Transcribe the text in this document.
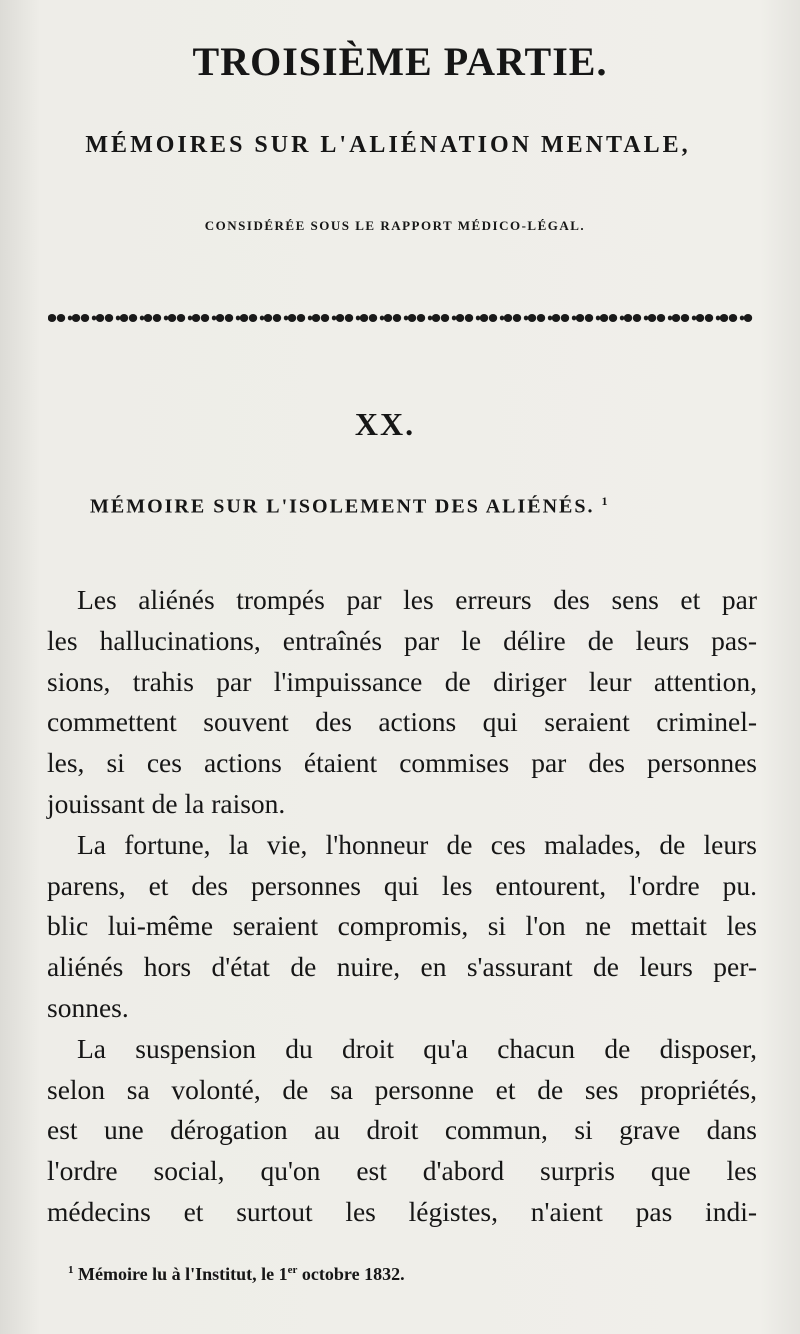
TROISIÈME PARTIE.
MÉMOIRES SUR L'ALIÉNATION MENTALE,
CONSIDÉRÉE SOUS LE RAPPORT MÉDICO-LÉGAL.
XX.
MÉMOIRE SUR L'ISOLEMENT DES ALIÉNÉS. $^1$
Les aliénés trompés par les erreurs des sens et par
les hallucinations, entraînés par le délire de leurs pas-
sions, trahis par l'impuissance de diriger leur attention,
commettent souvent des actions qui seraient criminel-
les, si ces actions étaient commises par des personnes
jouissant de la raison.
La fortune, la vie, l'honneur de ces malades, de leurs
parens, et des personnes qui les entourent, l'ordre pu.
blic lui-même seraient compromis, si l'on ne mettait les
aliénés hors d'état de nuire, en s'assurant de leurs per-
sonnes.
La suspension du droit qu'a chacun de disposer,
selon sa volonté, de sa personne et de ses propriétés,
est une dérogation au droit commun, si grave dans
l'ordre social, qu'on est d'abord surpris que les
médecins et surtout les légistes, n'aient pas indi-
$^1$ Mémoire lu à l'Institut, le 1er octobre 1832.
